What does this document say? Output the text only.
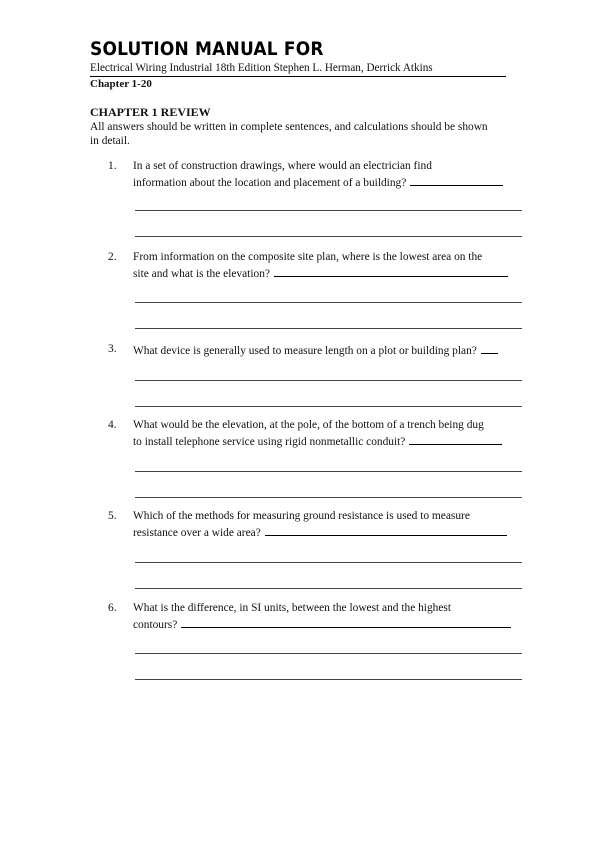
SOLUTION MANUAL FOR
Electrical Wiring Industrial 18th Edition Stephen L. Herman, Derrick Atkins
Chapter 1-20
CHAPTER 1 REVIEW
All answers should be written in complete sentences, and calculations should be shown in detail.
1. In a set of construction drawings, where would an electrician find
information about the location and placement of a building?
2. From information on the composite site plan, where is the lowest area on the
site and what is the elevation?
3. What device is generally used to measure length on a plot or building plan?
4. What would be the elevation, at the pole, of the bottom of a trench being dug
to install telephone service using rigid nonmetallic conduit?
5. Which of the methods for measuring ground resistance is used to measure
resistance over a wide area?
6. What is the difference, in SI units, between the lowest and the highest
contours?
